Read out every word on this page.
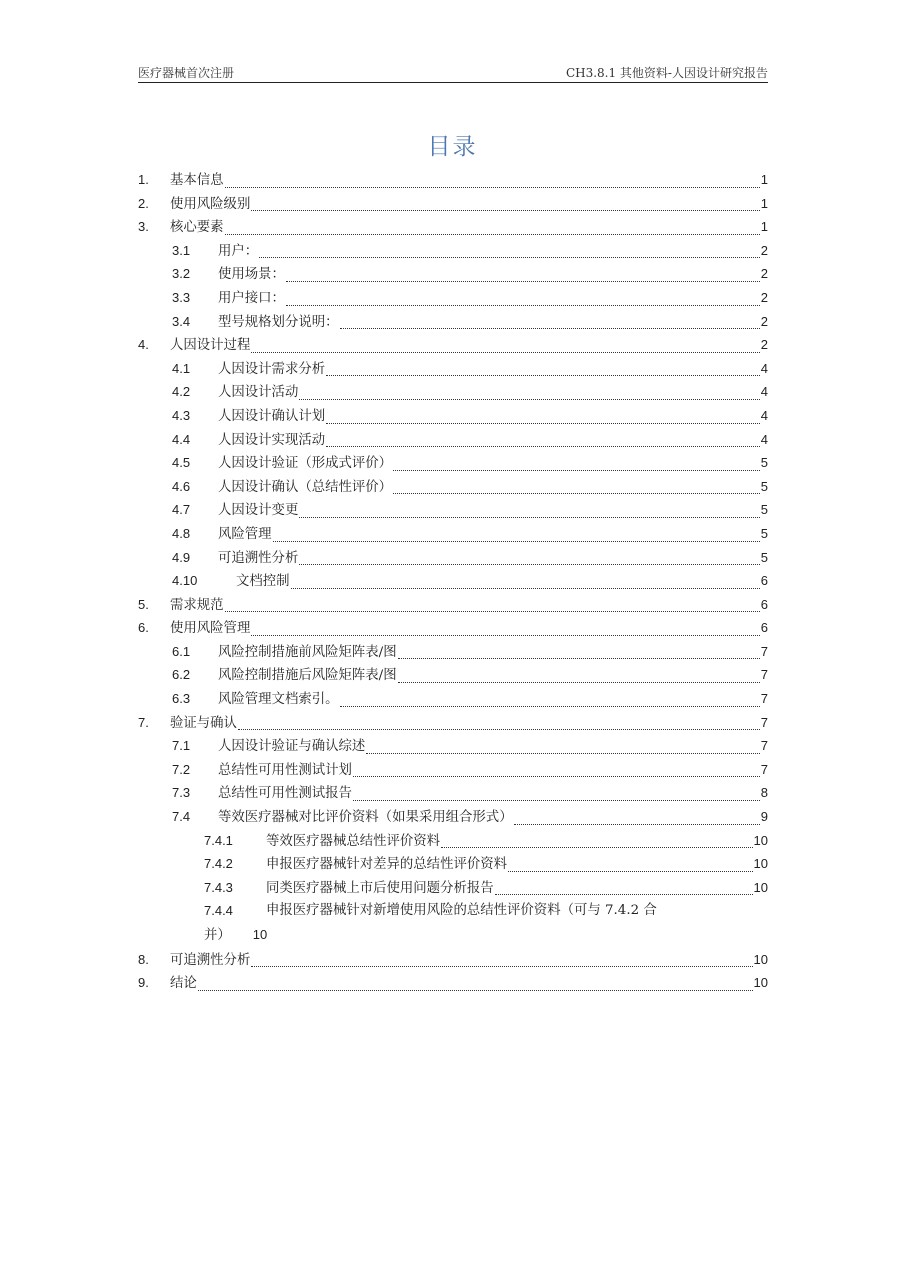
医疗器械首次注册	CH3.8.1 其他资料-人因设计研究报告
目录
1.	基本信息	1
2.	使用风险级别	1
3.	核心要素	1
3.1	用户：	2
3.2	使用场景：	2
3.3	用户接口：	2
3.4	型号规格划分说明：	2
4.	人因设计过程	2
4.1	人因设计需求分析	4
4.2	人因设计活动	4
4.3	人因设计确认计划	4
4.4	人因设计实现活动	4
4.5	人因设计验证（形成式评价）	5
4.6	人因设计确认（总结性评价）	5
4.7	人因设计变更	5
4.8	风险管理	5
4.9	可追溯性分析	5
4.10	文档控制	6
5.	需求规范	6
6.	使用风险管理	6
6.1	风险控制措施前风险矩阵表/图	7
6.2	风险控制措施后风险矩阵表/图	7
6.3	风险管理文档索引。	7
7.	验证与确认	7
7.1	人因设计验证与确认综述	7
7.2	总结性可用性测试计划	7
7.3	总结性可用性测试报告	8
7.4	等效医疗器械对比评价资料（如果采用组合形式）	9
7.4.1	等效医疗器械总结性评价资料	10
7.4.2	申报医疗器械针对差异的总结性评价资料	10
7.4.3	同类医疗器械上市后使用问题分析报告	10
7.4.4	申报医疗器械针对新增使用风险的总结性评价资料（可与 7.4.2 合
并） 10
8.	可追溯性分析	10
9.	结论	10
